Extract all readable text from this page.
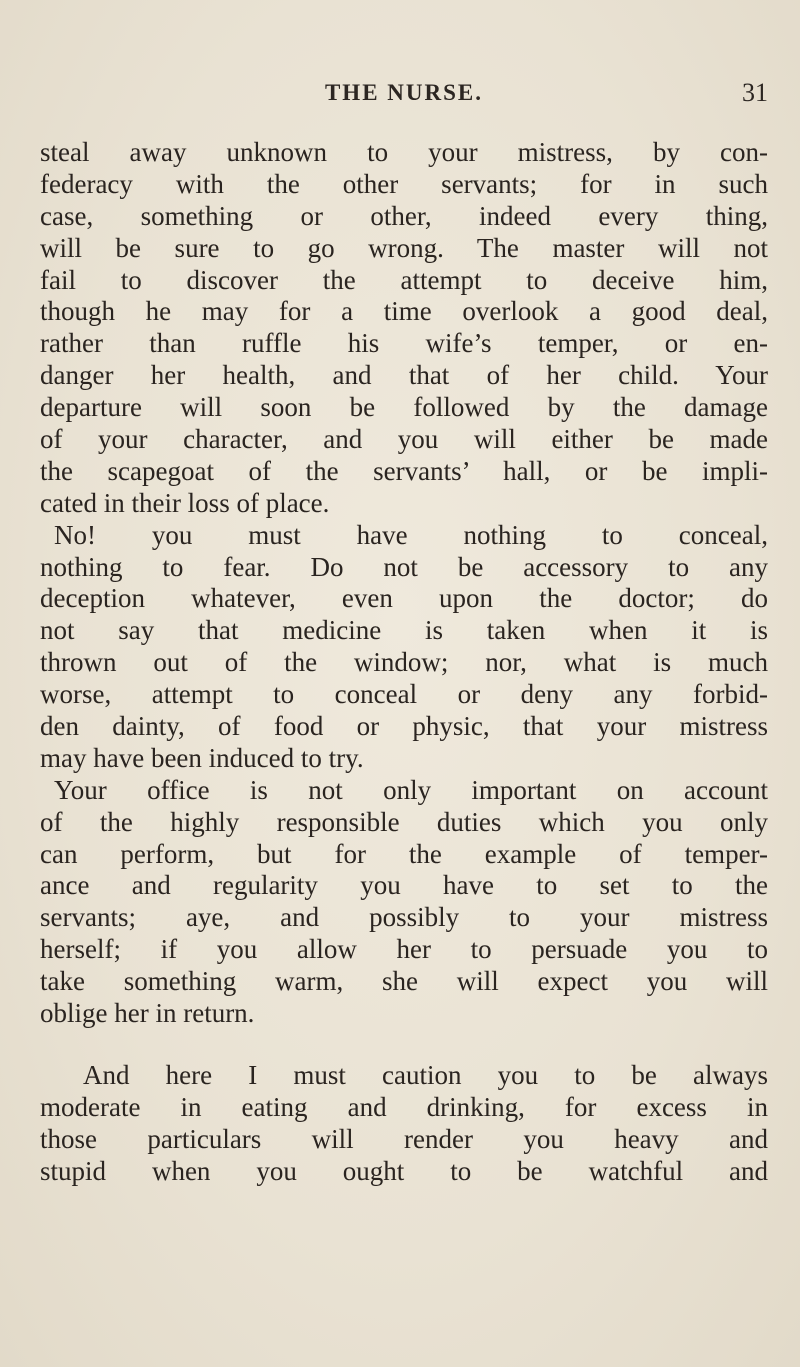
THE NURSE.	31
steal away unknown to your mistress, by con-
federacy with the other servants; for in such
case, something or other, indeed every thing,
will be sure to go wrong. The master will not
fail to discover the attempt to deceive him,
though he may for a time overlook a good deal,
rather than ruffle his wife’s temper, or en-
danger her health, and that of her child. Your
departure will soon be followed by the damage
of your character, and you will either be made
the scapegoat of the servants’ hall, or be impli-
cated in their loss of place.
No! you must have nothing to conceal,
nothing to fear. Do not be accessory to any
deception whatever, even upon the doctor; do
not say that medicine is taken when it is
thrown out of the window; nor, what is much
worse, attempt to conceal or deny any forbid-
den dainty, of food or physic, that your mistress
may have been induced to try.
Your office is not only important on account
of the highly responsible duties which you only
can perform, but for the example of temper-
ance and regularity you have to set to the
servants; aye, and possibly to your mistress
herself; if you allow her to persuade you to
take something warm, she will expect you will
oblige her in return.
And here I must caution you to be always
moderate in eating and drinking, for excess in
those particulars will render you heavy and
stupid when you ought to be watchful and
